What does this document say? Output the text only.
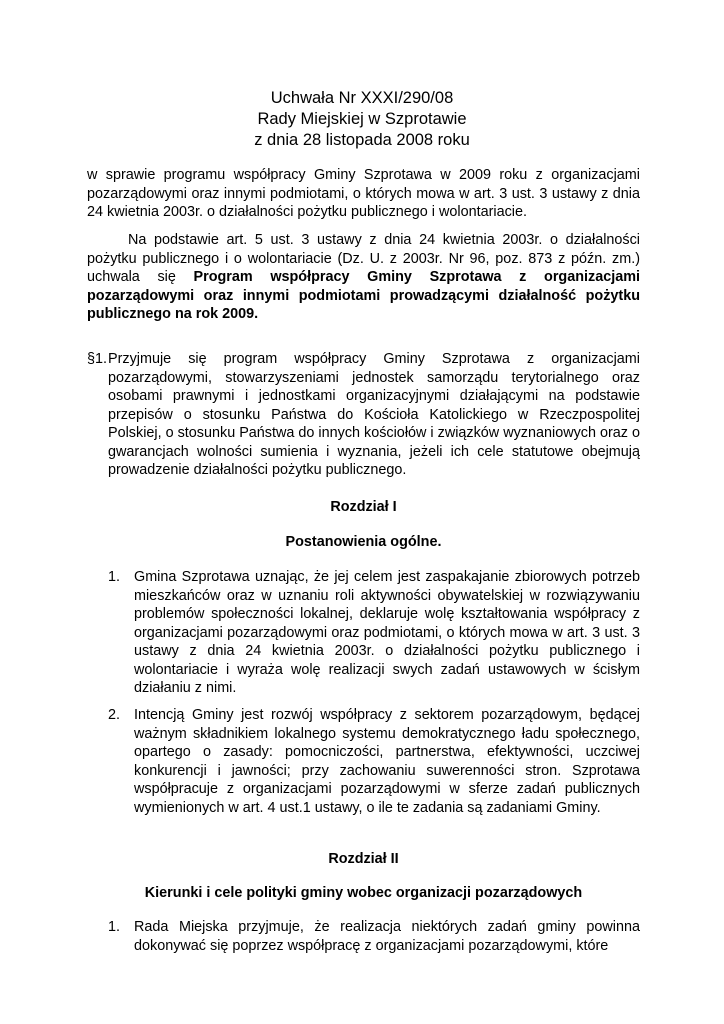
Uchwała Nr XXXI/290/08
Rady Miejskiej w Szprotawie
z dnia 28 listopada 2008 roku

w sprawie programu współpracy Gminy Szprotawa w 2009 roku z organizacjami pozarządowymi oraz innymi podmiotami, o których mowa w art. 3 ust. 3 ustawy z dnia 24 kwietnia 2003r. o działalności pożytku publicznego i wolontariacie.

Na podstawie art. 5 ust. 3 ustawy z dnia 24 kwietnia 2003r. o działalności pożytku publicznego i o wolontariacie (Dz. U. z 2003r. Nr 96, poz. 873 z późn. zm.) uchwala się Program współpracy Gminy Szprotawa z organizacjami pozarządowymi oraz innymi podmiotami prowadzącymi działalność pożytku publicznego na rok 2009.

§1. Przyjmuje się program współpracy Gminy Szprotawa z organizacjami pozarządowymi, stowarzyszeniami jednostek samorządu terytorialnego oraz osobami prawnymi i jednostkami organizacyjnymi działającymi na podstawie przepisów o stosunku Państwa do Kościoła Katolickiego w Rzeczpospolitej Polskiej, o stosunku Państwa do innych kościołów i związków wyznaniowych oraz o gwarancjach wolności sumienia i wyznania, jeżeli ich cele statutowe obejmują prowadzenie działalności pożytku publicznego.
Rozdział I
Postanowienia ogólne.
1. Gmina Szprotawa uznając, że jej celem jest zaspakajanie zbiorowych potrzeb mieszkańców oraz w uznaniu roli aktywności obywatelskiej w rozwiązywaniu problemów społeczności lokalnej, deklaruje wolę kształtowania współpracy z organizacjami pozarządowymi oraz podmiotami, o których mowa w art. 3 ust. 3 ustawy z dnia 24 kwietnia 2003r. o działalności pożytku publicznego i wolontariacie i wyraża wolę realizacji swych zadań ustawowych w ścisłym działaniu z nimi.
2. Intencją Gminy jest rozwój współpracy z sektorem pozarządowym, będącej ważnym składnikiem lokalnego systemu demokratycznego ładu społecznego, opartego o zasady: pomocniczości, partnerstwa, efektywności, uczciwej konkurencji i jawności; przy zachowaniu suwerenności stron. Szprotawa współpracuje z organizacjami pozarządowymi w sferze zadań publicznych wymienionych w art. 4 ust.1 ustawy, o ile te zadania są zadaniami Gminy.
Rozdział II
Kierunki i cele polityki gminy wobec organizacji pozarządowych
1. Rada Miejska przyjmuje, że realizacja niektórych zadań gminy powinna dokonywać się poprzez współpracę z organizacjami pozarządowymi, które
